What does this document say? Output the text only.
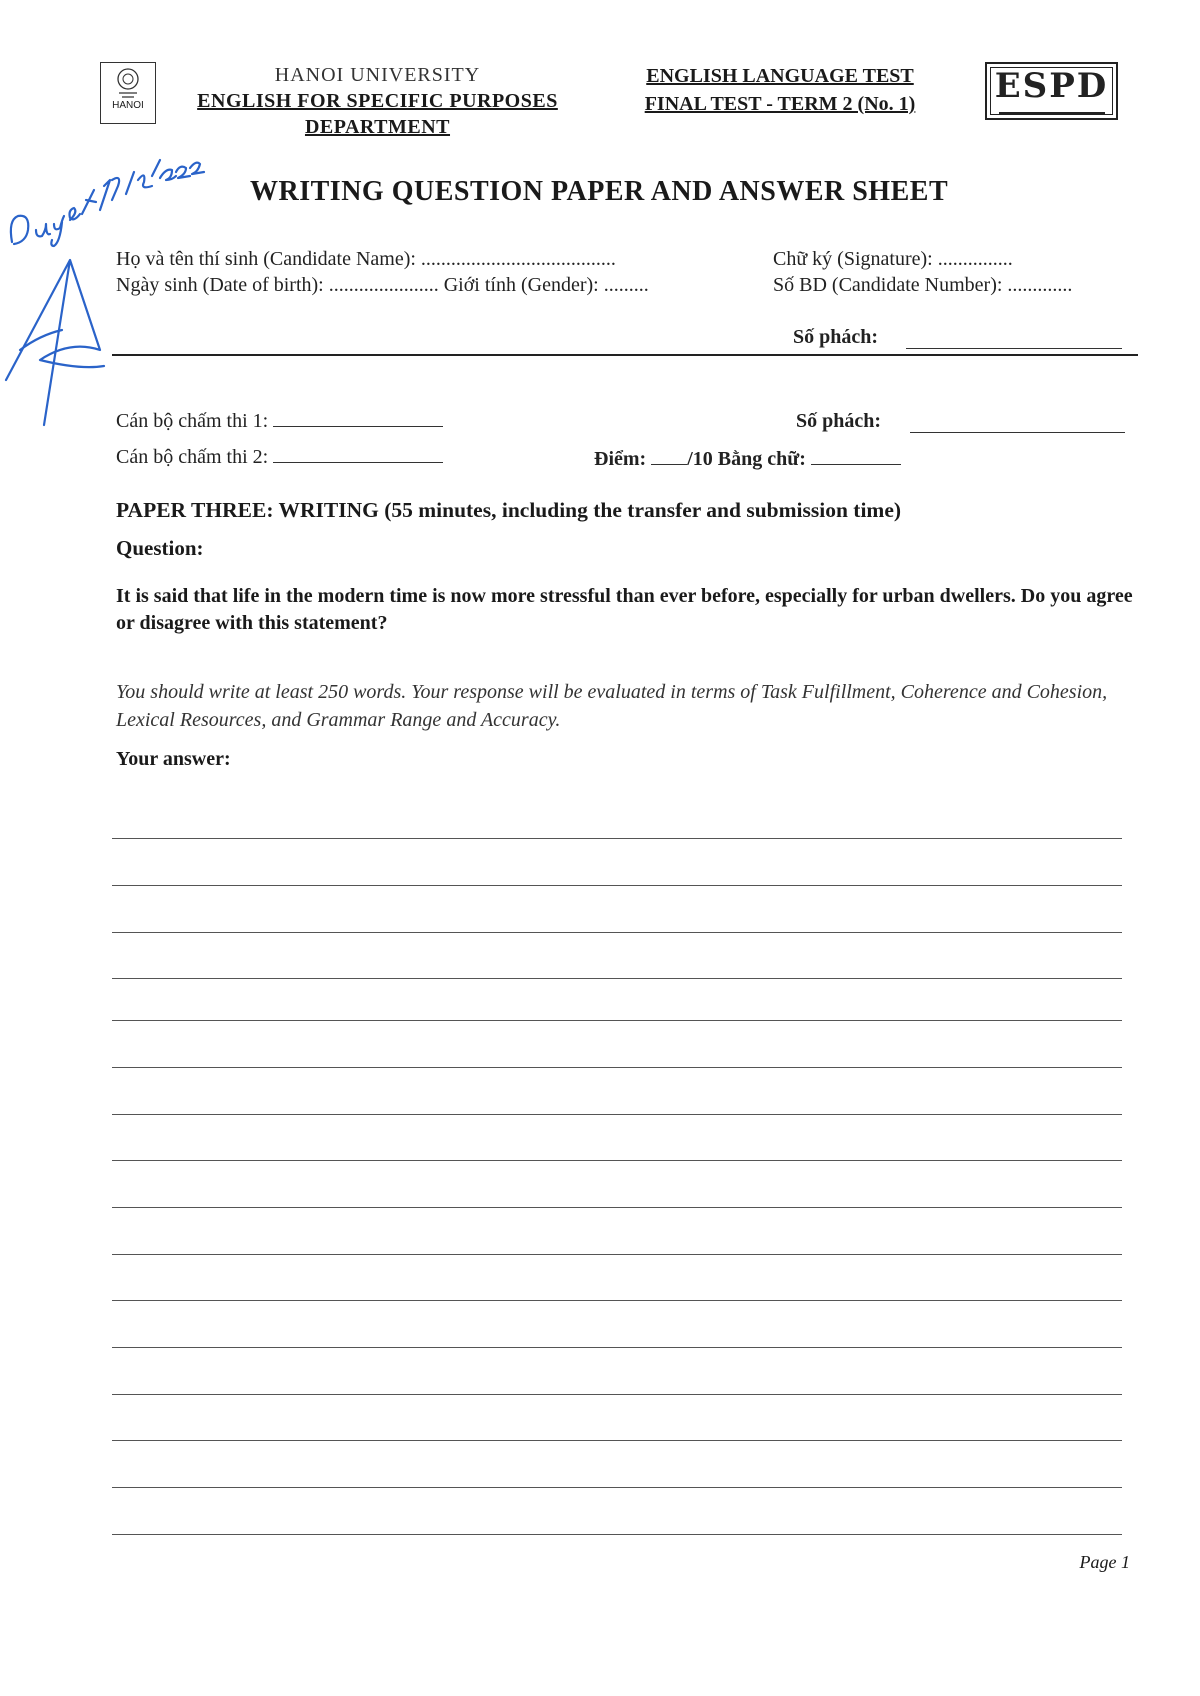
HANOI
HANOI UNIVERSITY
ENGLISH FOR SPECIFIC PURPOSES
DEPARTMENT
ENGLISH LANGUAGE TEST
FINAL TEST - TERM 2 (No. 1)	ESPD
WRITING QUESTION PAPER AND ANSWER SHEET
Họ và tên thí sinh (Candidate Name): .......................................	Chữ ký (Signature): ...............
Ngày sinh (Date of birth): ...................... Giới tính (Gender): .........	Số BD (Candidate Number): .............
Số phách:
Cán bộ chấm thi 1:	Số phách:
Cán bộ chấm thi 2:	Điểm: /10 Bằng chữ:
PAPER THREE: WRITING (55 minutes, including the transfer and submission time)
Question:
It is said that life in the modern time is now more stressful than ever before, especially for urban dwellers. Do you agree or disagree with this statement?
You should write at least 250 words. Your response will be evaluated in terms of Task Fulfillment, Coherence and Cohesion, Lexical Resources, and Grammar Range and Accuracy.
Your answer:
Page 1
